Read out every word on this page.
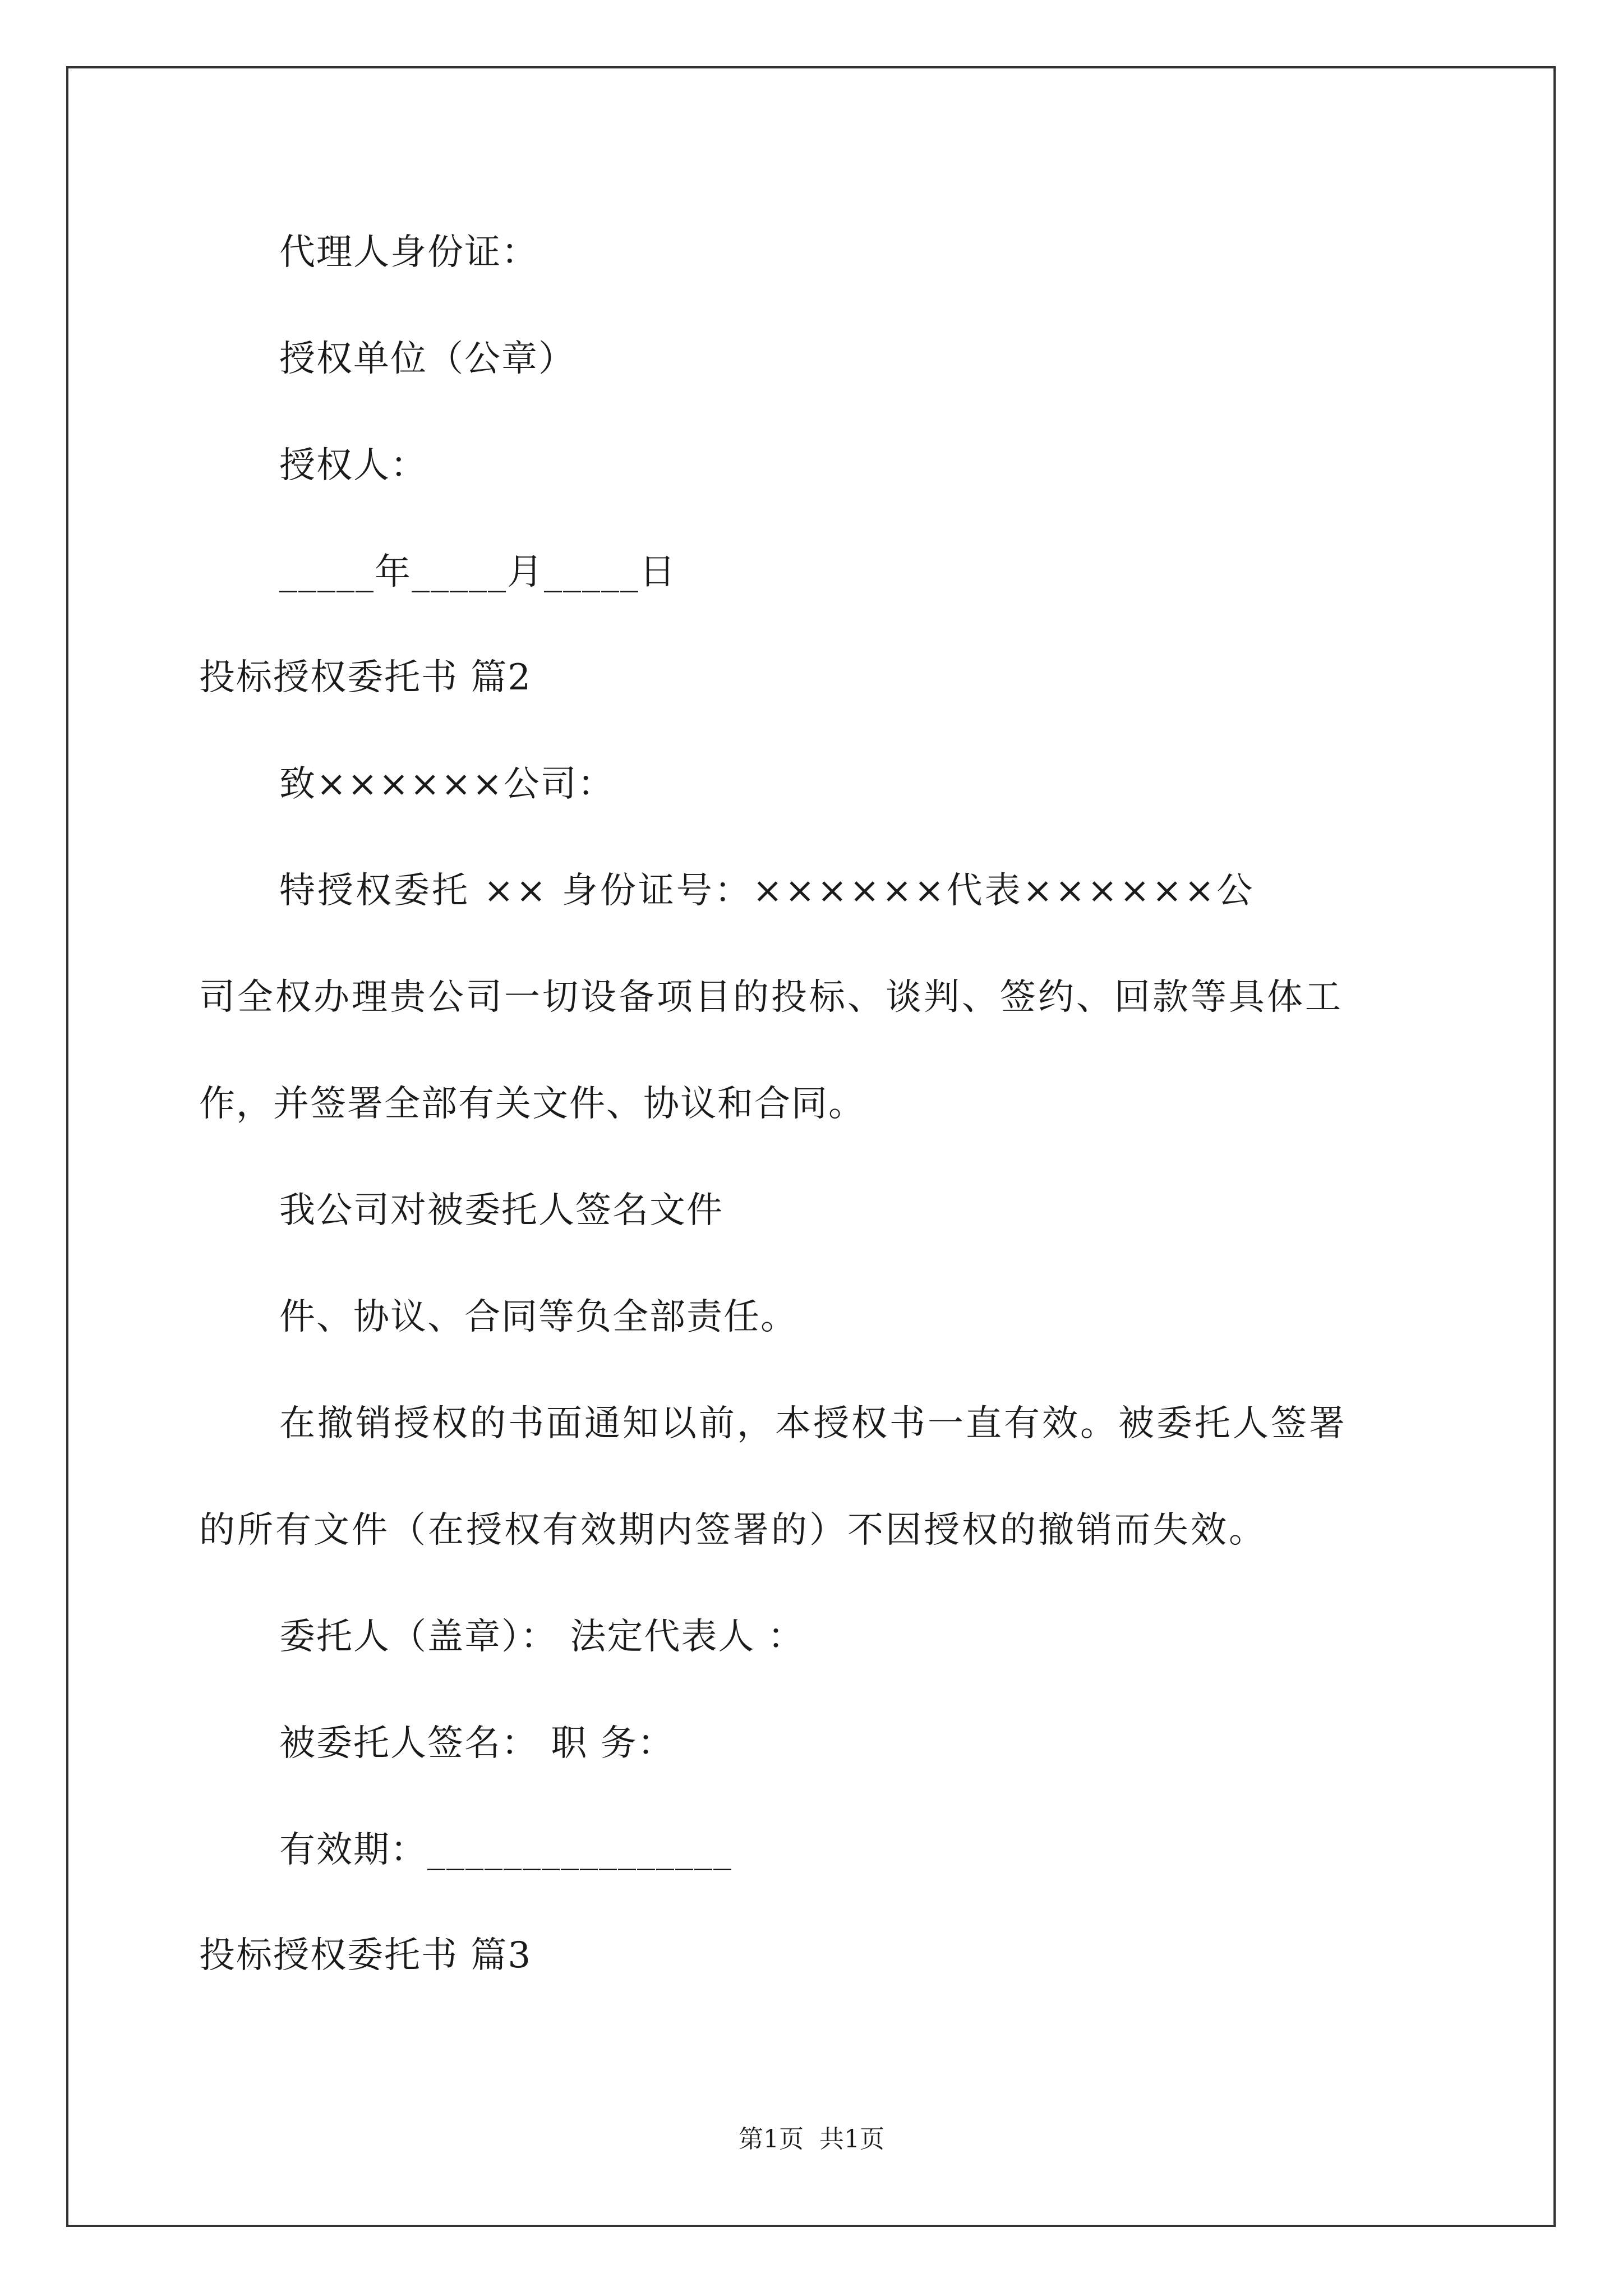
代理人身份证：
授权单位（公章）
授权人：
_____年_____月_____日
投标授权委托书 篇2
致××××××公司：
特授权委托 ×× 身份证号：××××××代表××××××公
司全权办理贵公司一切设备项目的投标、谈判、签约、回款等具体工
作，并签署全部有关文件、协议和合同。
我公司对被委托人签名文件
件、协议、合同等负全部责任。
在撤销授权的书面通知以前，本授权书一直有效。被委托人签署
的所有文件（在授权有效期内签署的）不因授权的撤销而失效。
委托人（盖章）： 法定代表人 ：
被委托人签名： 职 务：
有效期：________________
投标授权委托书 篇3
第1页  共1页
